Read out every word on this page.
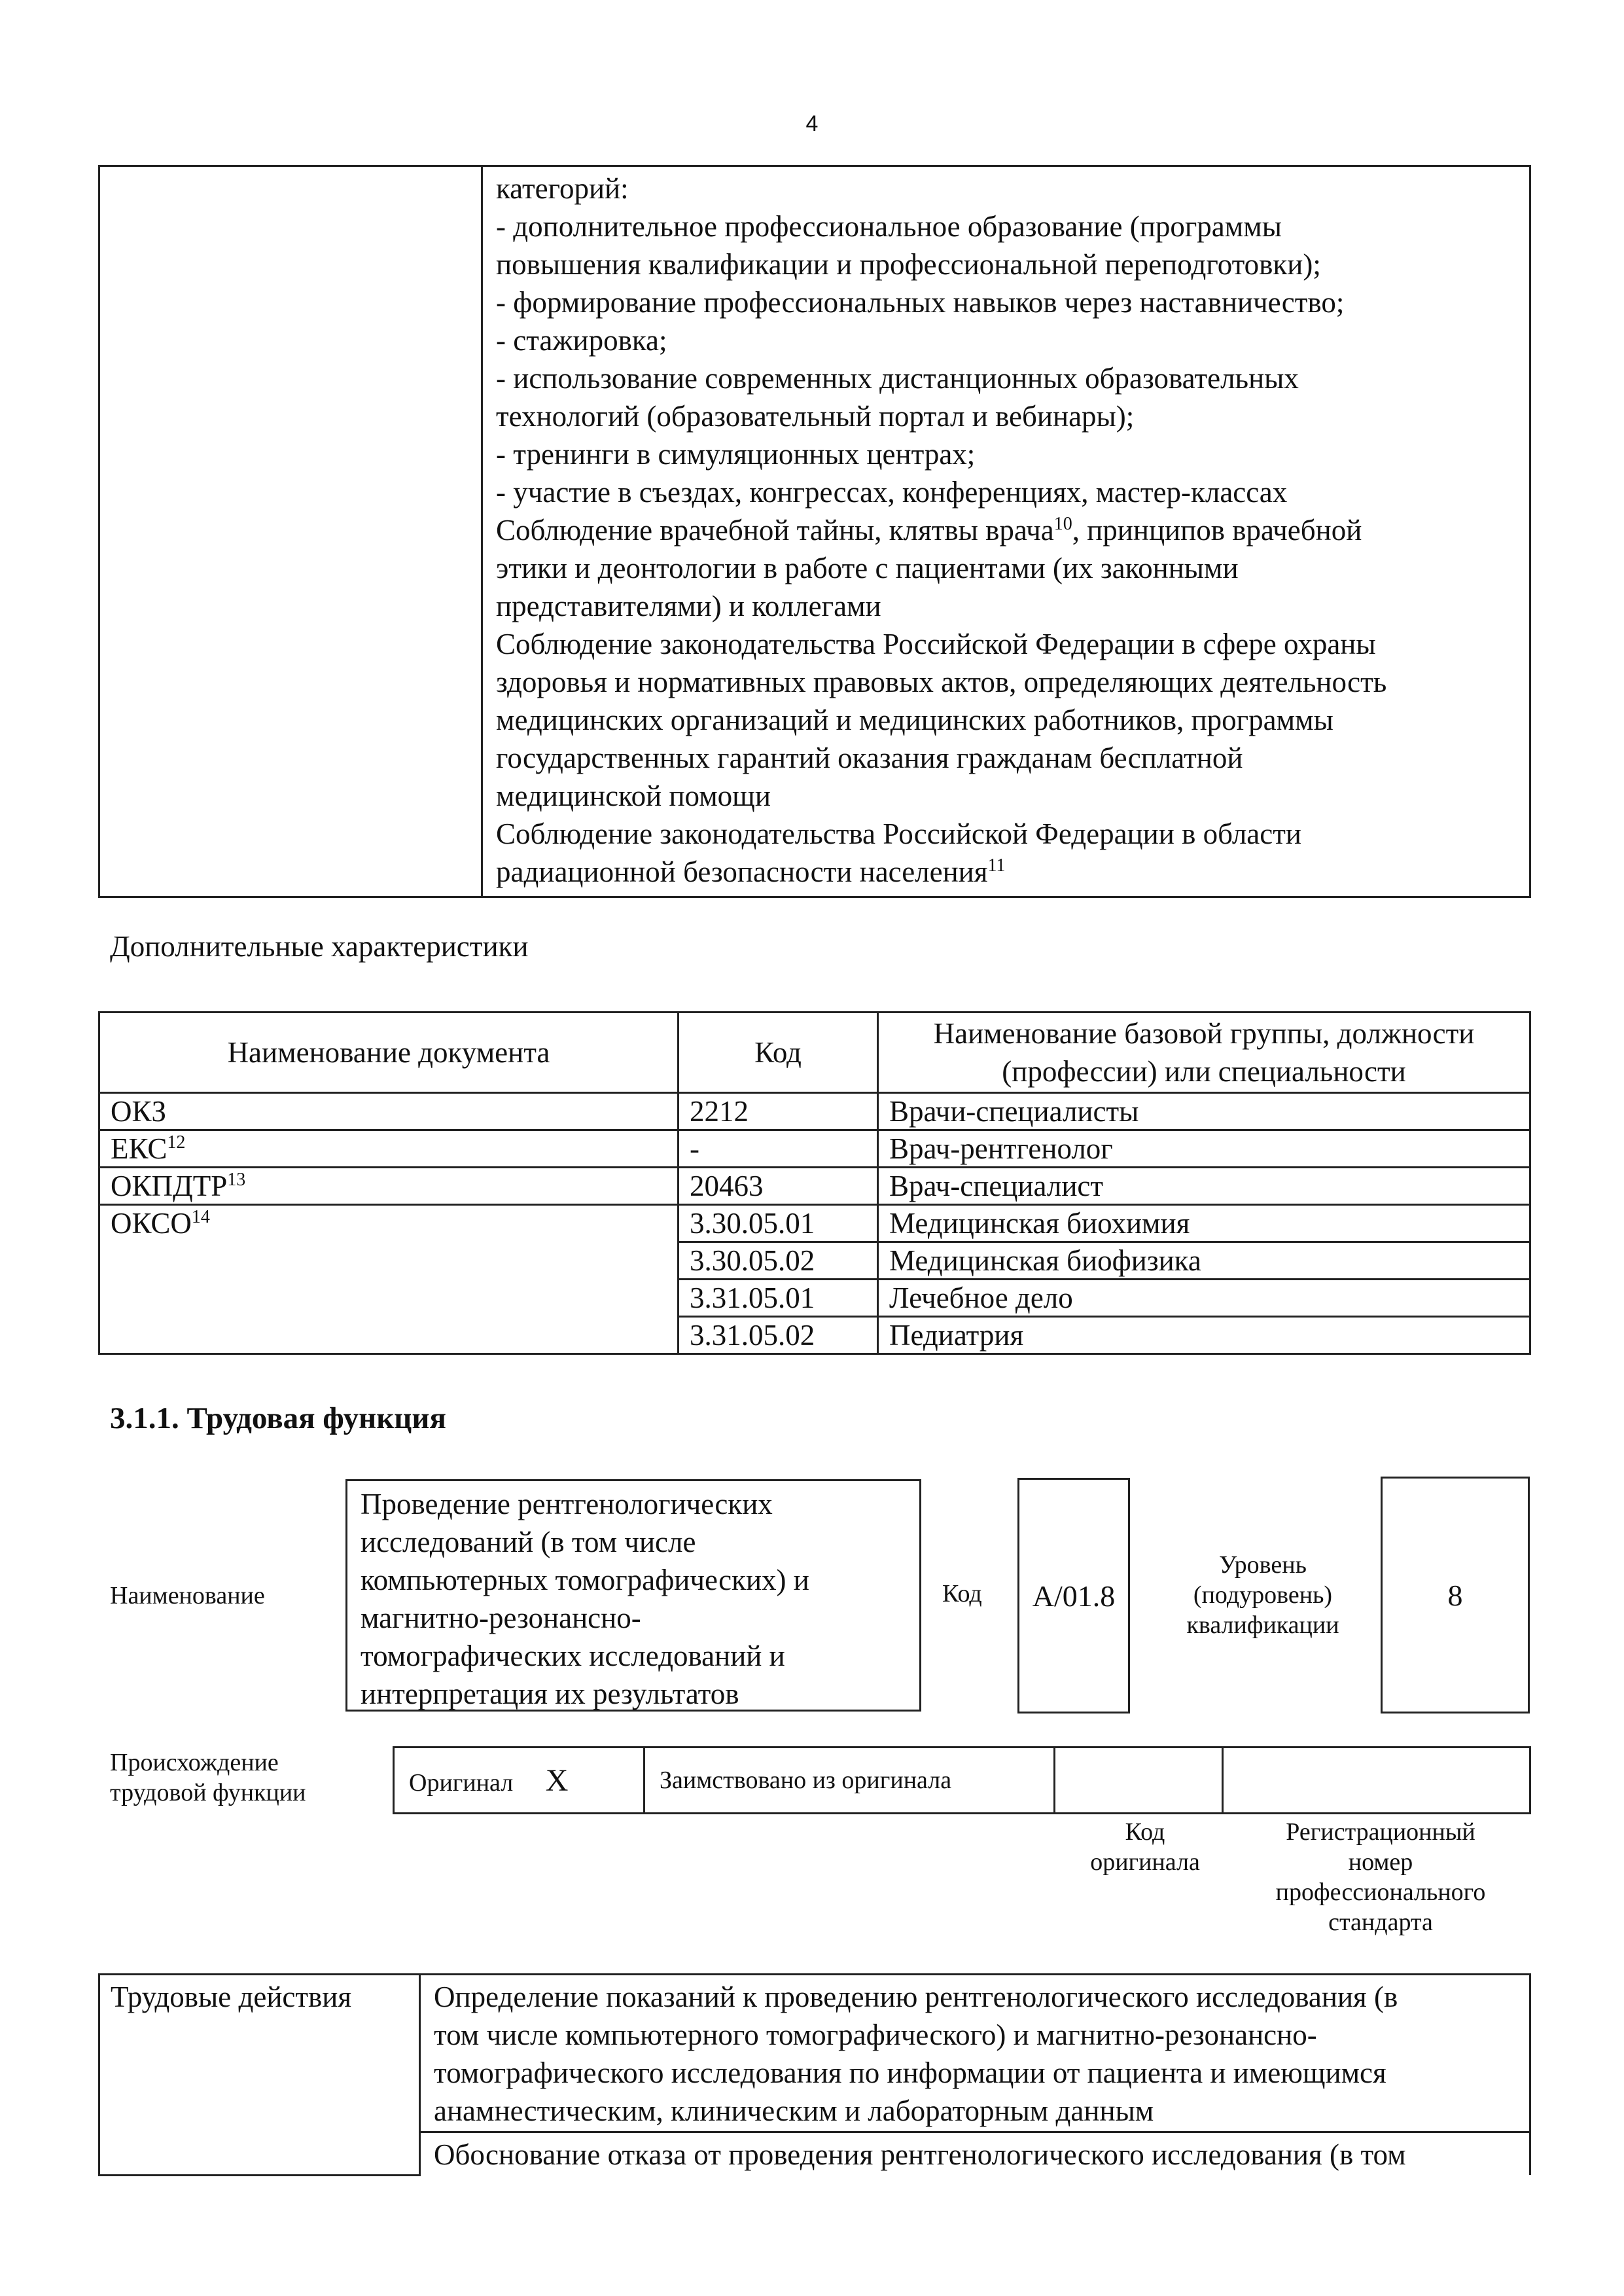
4

категорий:
- дополнительное профессиональное образование (программы
повышения квалификации и профессиональной переподготовки);
- формирование профессиональных навыков через наставничество;
- стажировка;
- использование современных дистанционных образовательных
технологий (образовательный портал и вебинары);
- тренинги в симуляционных центрах;
- участие в съездах, конгрессах, конференциях, мастер-классах
Соблюдение врачебной тайны, клятвы врача$^{10}$, принципов врачебной
этики и деонтологии в работе с пациентами (их законными
представителями) и коллегами
Соблюдение законодательства Российской Федерации в сфере охраны
здоровья и нормативных правовых актов, определяющих деятельность
медицинских организаций и медицинских работников, программы
государственных гарантий оказания гражданам бесплатной
медицинской помощи
Соблюдение законодательства Российской Федерации в области
радиационной безопасности населения$^{11}$
Дополнительные характеристики
Наименование документа	Код	Наименование базовой группы, должности
(профессии) или специальности

ОКЗ	2212	Врачи-специалисты
ЕКС$^{12}$	-	Врач-рентгенолог
ОКПДТР$^{13}$	20463	Врач-специалист
ОКСО$^{14}$	3.30.05.01	Медицинская биохимия
	3.30.05.02	Медицинская биофизика
	3.31.05.01	Лечебное дело
	3.31.05.02	Педиатрия
3.1.1. Трудовая функция
Наименование
Проведение рентгенологических
исследований (в том числе
компьютерных томографических) и
магнитно-резонансно-
томографических исследований и
интерпретация их результатов
Код	А/01.8
Уровень
(подуровень)
квалификации
8
Происхождение
трудовой функции	Оригинал X	Заимствовано из оригинала		
Код
оригинала
Регистрационный
номер
профессионального
стандарта
Трудовые действия	Определение показаний к проведению рентгенологического исследования (в
том числе компьютерного томографического) и магнитно-резонансно-
томографического исследования по информации от пациента и имеющимся
анамнестическим, клиническим и лабораторным данным

Обоснование отказа от проведения рентгенологического исследования (в том
